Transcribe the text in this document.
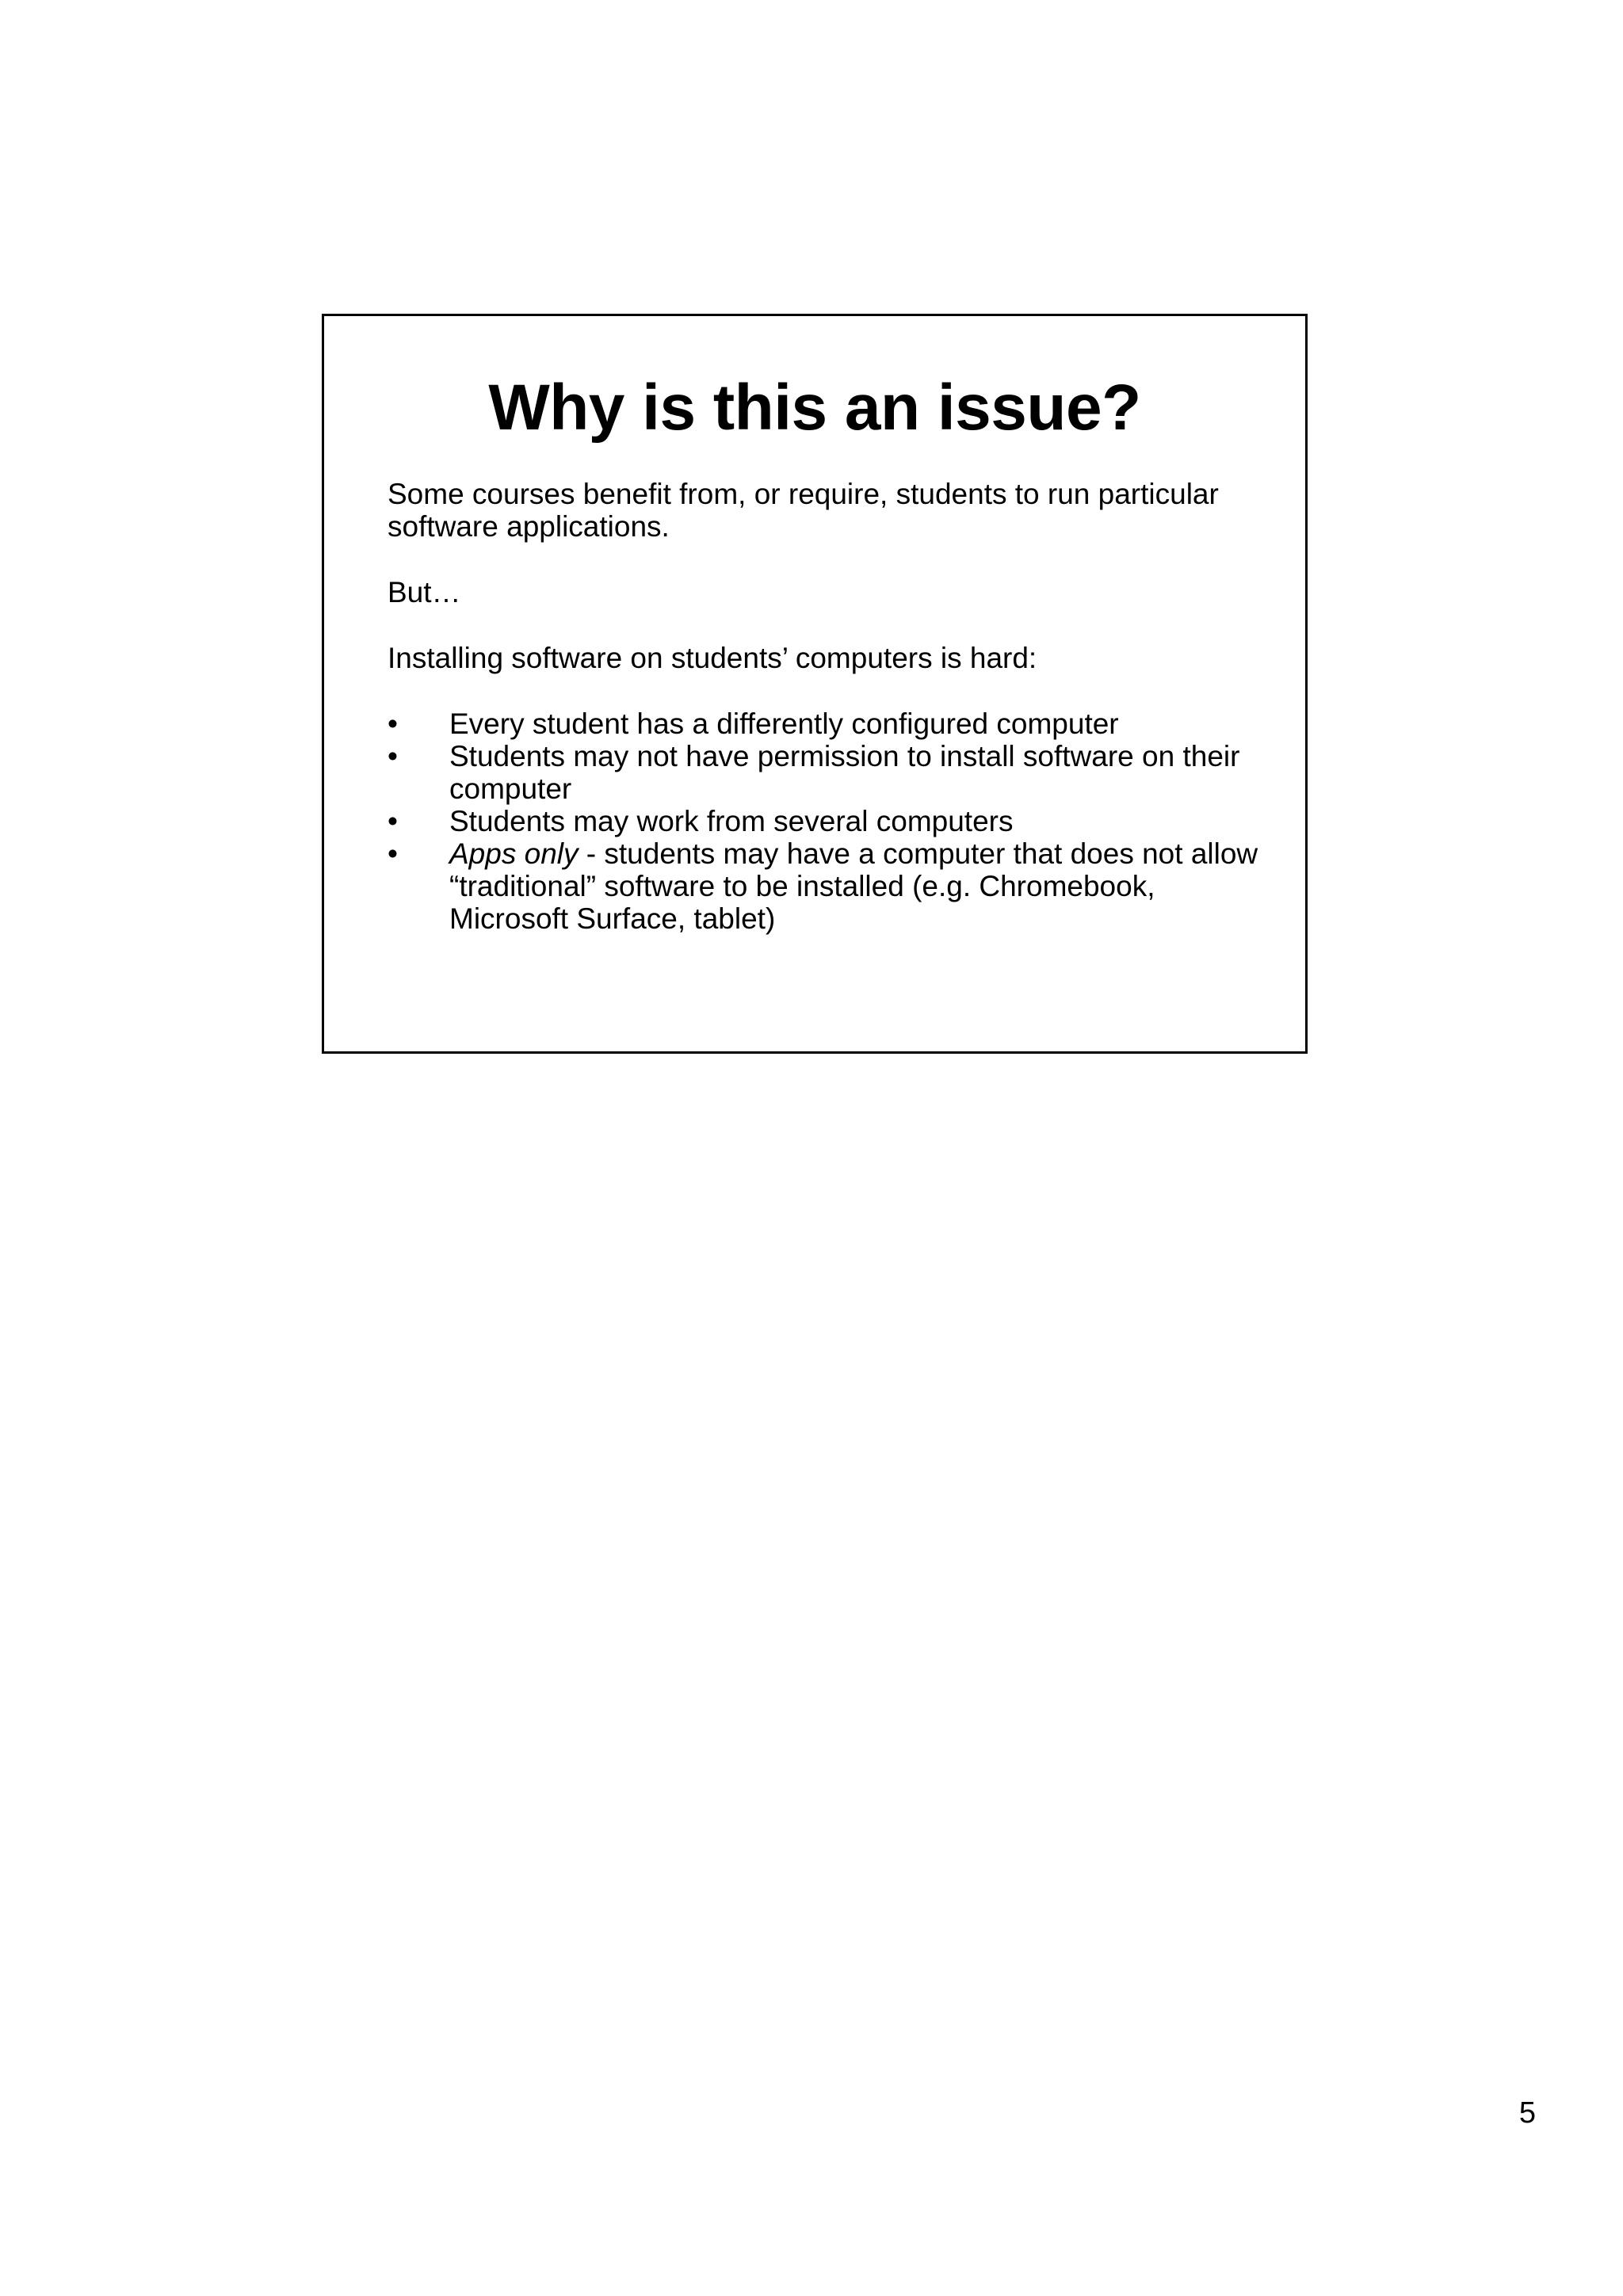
Why is this an issue?

Some courses benefit from, or require, students to run particular software applications.

But…

Installing software on students’ computers is hard:

• Every student has a differently configured computer
• Students may not have permission to install software on their computer
• Students may work from several computers
• Apps only - students may have a computer that does not allow “traditional” software to be installed (e.g. Chromebook, Microsoft Surface, tablet)
5
